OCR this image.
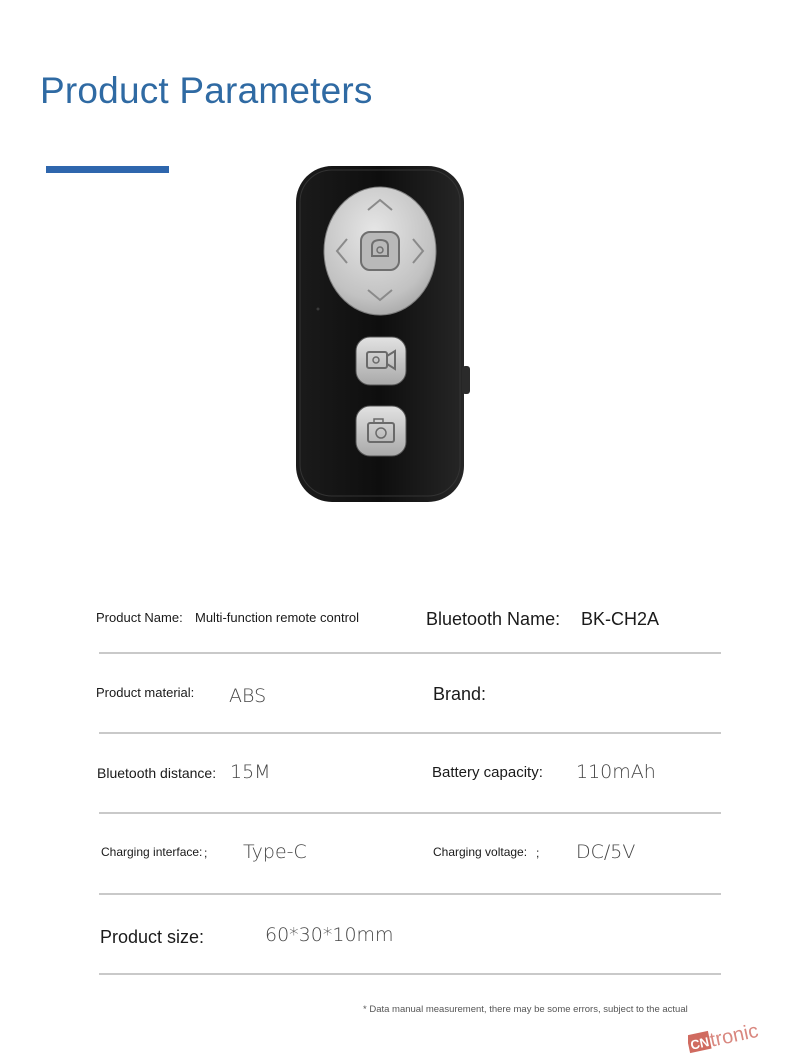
Product Parameters
Product Name: Multi-function remote control	Bluetooth Name: BK-CH2A
Product material: ABS	Brand:
Bluetooth distance: 15M	Battery capacity: 110mAh
Charging interface: ; Type-C	Charging voltage: ; DC/5V
Product size:	60*30*10mm
* Data manual measurement, there may be some errors, subject to the actual
CN
tronic
